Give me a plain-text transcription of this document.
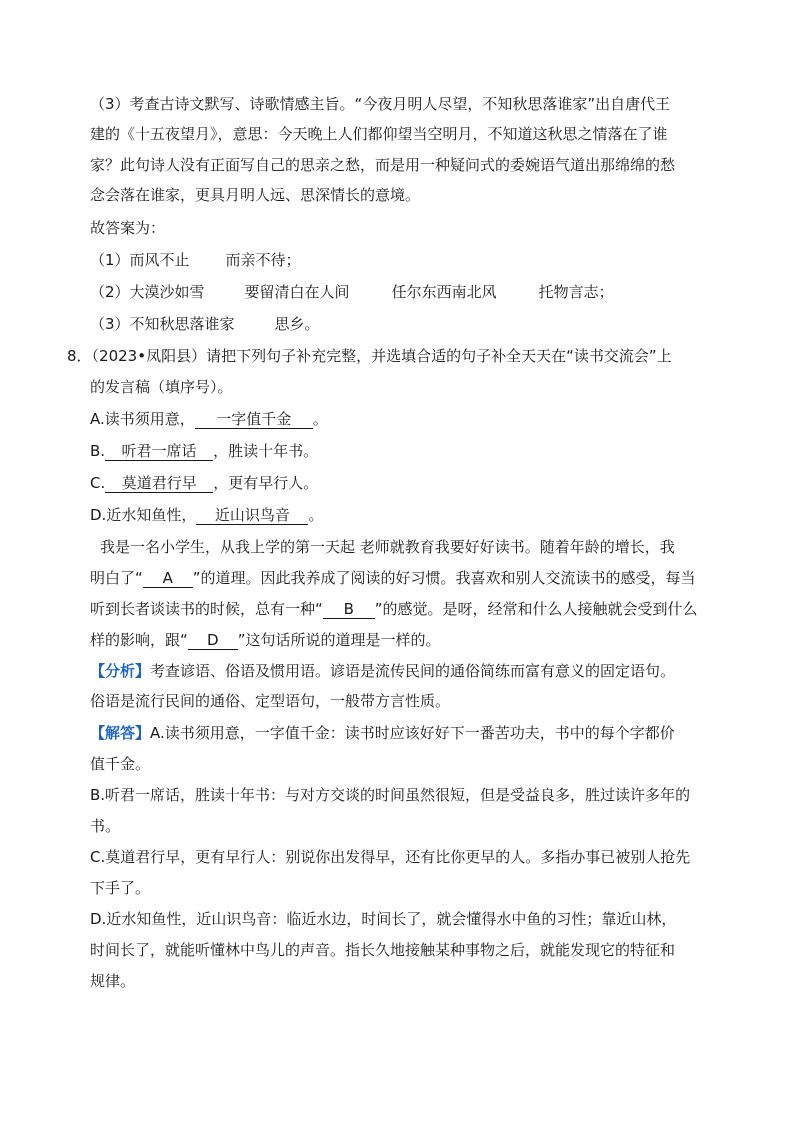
（3）考查古诗文默写、诗歌情感主旨。“今夜月明人尽望，不知秋思落谁家”出自唐代王
建的《十五夜望月》，意思：今天晚上人们都仰望当空明月，不知道这秋思之情落在了谁
家？此句诗人没有正面写自己的思亲之愁，而是用一种疑问式的委婉语气道出那绵绵的愁
念会落在谁家，更具月明人远、思深情长的意境。
故答案为：
（1）而风不止 而亲不待；
（2）大漠沙如雪	要留清白在人间	任尔东西南北风	托物言志；
（3）不知秋思落谁家	思乡。
8．（2023•凤阳县）请把下列句子补充完整，并选填合适的句子补全天天在“读书交流会”上
的发言稿（填序号）。
A.读书须用意， 一字值千金 。
B. 听君一席话 ，胜读十年书。
C. 莫道君行早 ，更有早行人。
D.近水知鱼性， 近山识鸟音 。
我是一名小学生，从我上学的第一天起 老师就教育我要好好读书。随着年龄的增长，我
明白了“ A ”的道理。因此我养成了阅读的好习惯。我喜欢和别人交流读书的感受，每当
听到长者谈读书的时候，总有一种“ B ”的感觉。是呀，经常和什么人接触就会受到什么
样的影响，跟“ D ”这句话所说的道理是一样的。
【分析】考查谚语、俗语及惯用语。谚语是流传民间的通俗简练而富有意义的固定语句。
俗语是流行民间的通俗、定型语句，一般带方言性质。
【解答】A.读书须用意，一字值千金：读书时应该好好下一番苦功夫，书中的每个字都价
值千金。
B.听君一席话，胜读十年书：与对方交谈的时间虽然很短，但是受益良多，胜过读许多年的
书。
C.莫道君行早，更有早行人：别说你出发得早，还有比你更早的人。多指办事已被别人抢先
下手了。
D.近水知鱼性，近山识鸟音：临近水边，时间长了，就会懂得水中鱼的习性；靠近山林，
时间长了，就能听懂林中鸟儿的声音。指长久地接触某种事物之后，就能发现它的特征和
规律。
